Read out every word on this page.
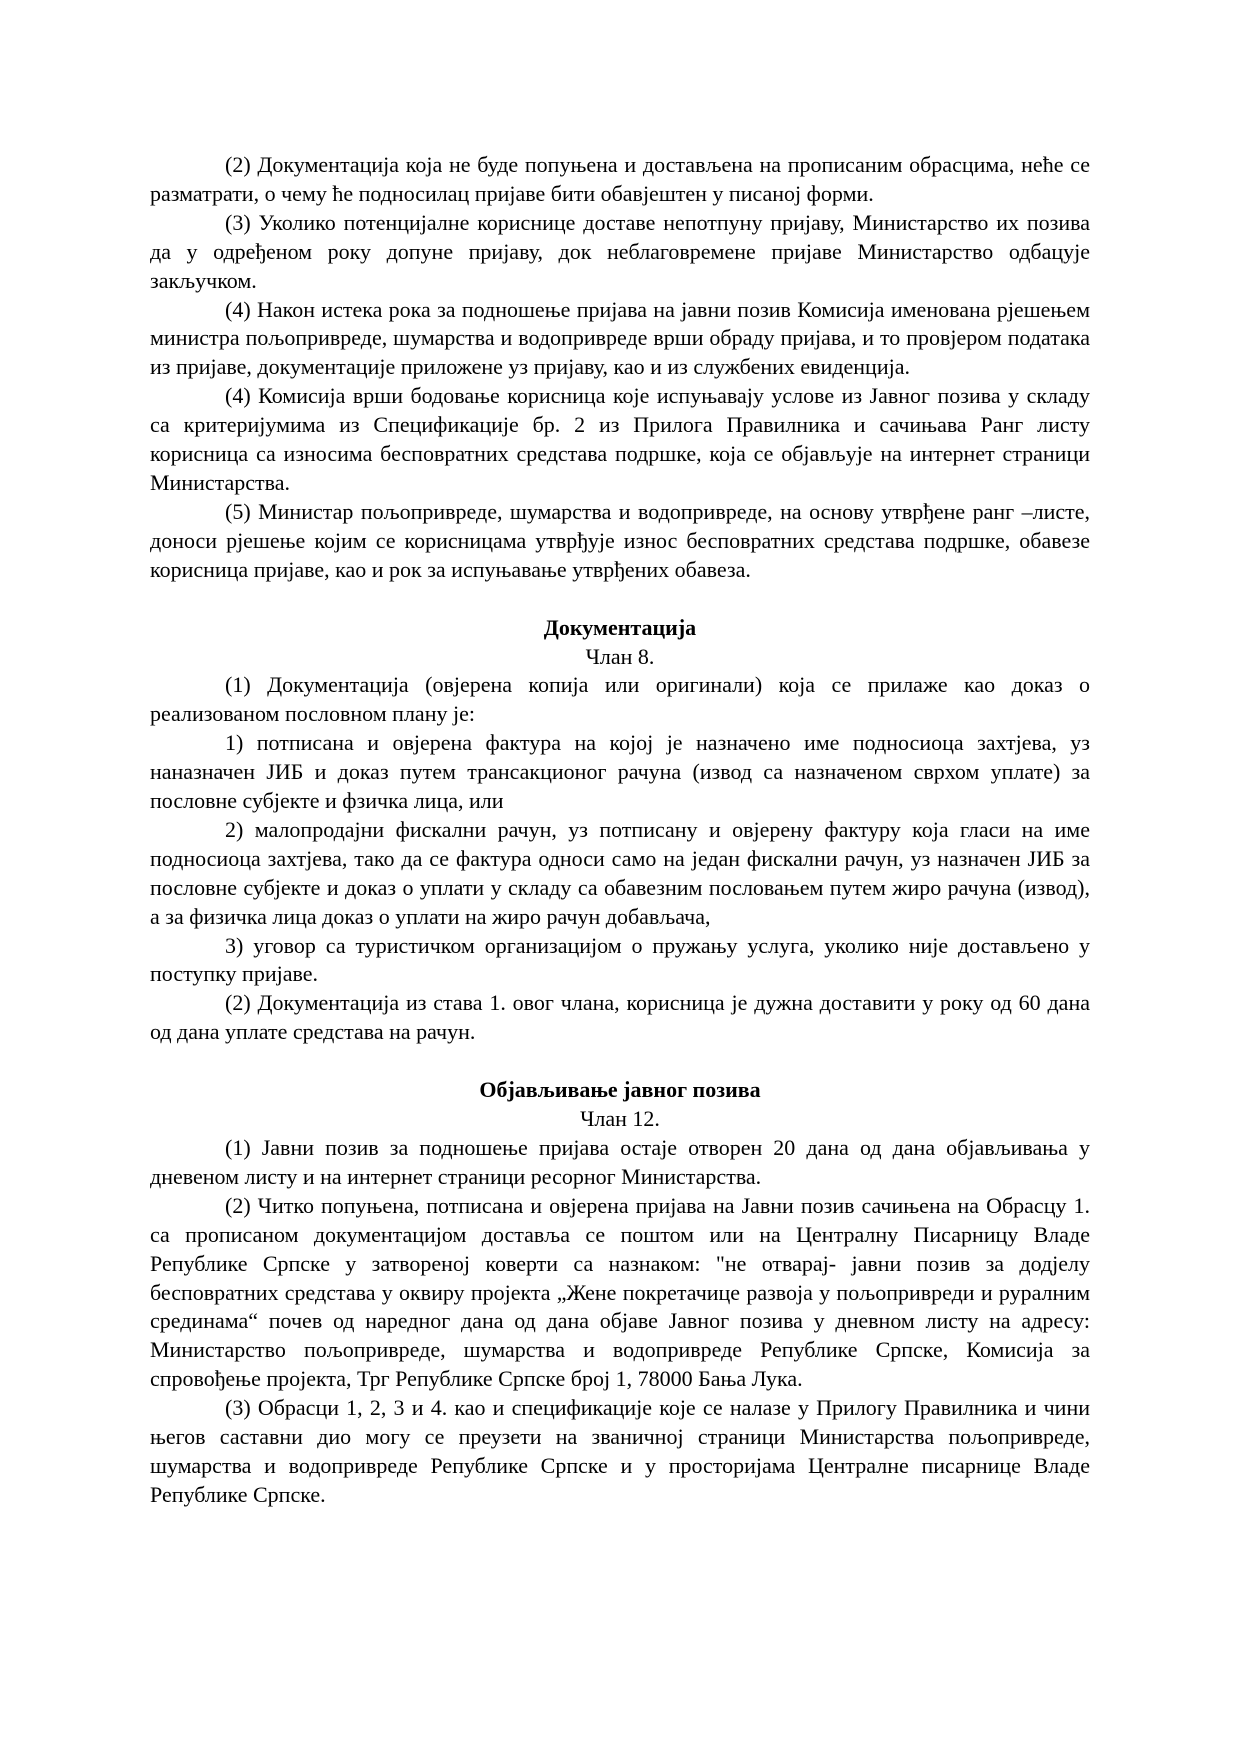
(2) Документација која не буде попуњена и достављена на прописаним обрасцима, неће се разматрати, о чему ће подносилац пријаве бити обавјештен у писаној форми.

(3) Уколико потенцијалне кориснице доставе непотпуну пријаву, Министарство их позива да у одређеном року допуне пријаву, док неблаговремене пријаве Министарство одбацује закључком.

(4) Након истека рока за подношење пријава на јавни позив Комисија именована рјешењем министра пољопривреде, шумарства и водопривреде врши обраду пријава, и то провјером података из пријаве, документације приложене уз пријаву, као и из службених евиденција.

(4) Комисија врши бодовање корисница које испуњавају услове из Јавног позива у складу са критеријумима из Спецификације бр. 2 из Прилога Правилника и сачињава Ранг листу корисница са износима бесповратних средстава подршке, која се објављује на интернет страници Министарства.

(5) Министар пољопривреде, шумарства и водопривреде, на основу утврђене ранг –листе, доноси рјешење којим се корисницама утврђује износ бесповратних средстава подршке, обавезе корисница пријаве, као и рок за испуњавање утврђених обавеза.

Документација

Члан 8.

(1) Документација (овјерена копија или оригинали) која се прилаже као доказ о реализованом пословном плану је:

1) потписана и овјерена фактура на којој је назначено име подносиоца захтјева, уз наназначен ЈИБ и доказ путем трансакционог рачуна (извод са назначеном сврхом уплате) за пословне субјекте и фзичка лица, или

2) малопродајни фискални рачун, уз потписану и овјерену фактуру која гласи на име подносиоца захтјева, тако да се фактура односи само на један фискални рачун, уз назначен ЈИБ за пословне субјекте и доказ о уплати у складу са обавезним пословањем путем жиро рачуна (извод), а за физичка лица доказ о уплати на жиро рачун добављача,

3) уговор са туристичком организацијом о пружању услуга, уколико није достављено у поступку пријаве.

(2) Документација из става 1. овог члана, корисница је дужна доставити у року од 60 дана од дана уплате средстава на рачун.

Објављивање јавног позива

Члан 12.

(1) Јавни позив за подношење пријава остаје отворен 20 дана од дана објављивања у дневеном листу и на интернет страници ресорног Министарства.

(2) Читко попуњена, потписана и овјерена пријава на Јавни позив сачињена на Обрасцу 1. са прописаном документацијом доставља се поштом или на Централну Писарницу Владе Републике Српске у затвореној коверти са назнаком: "не отварај- јавни позив за додјелу бесповратних средстава у оквиру пројекта „Жене покретачице развоја у пољопривреди и руралним срединама“ почев од наредног дана од дана објаве Јавног позива у дневном листу на адресу: Министарство пољопривреде, шумарства и водопривреде Републике Српске, Комисија за спровођење пројекта, Трг Републике Српске број 1, 78000 Бања Лука.

(3) Обрасци 1, 2, 3 и 4. као и спецификације које се налазе у Прилогу Правилника и чини његов саставни дио могу се преузети на званичној страници Министарства пољопривреде, шумарства и водопривреде Републике Српске и у просторијама Централне писарнице Владе Републике Српске.
